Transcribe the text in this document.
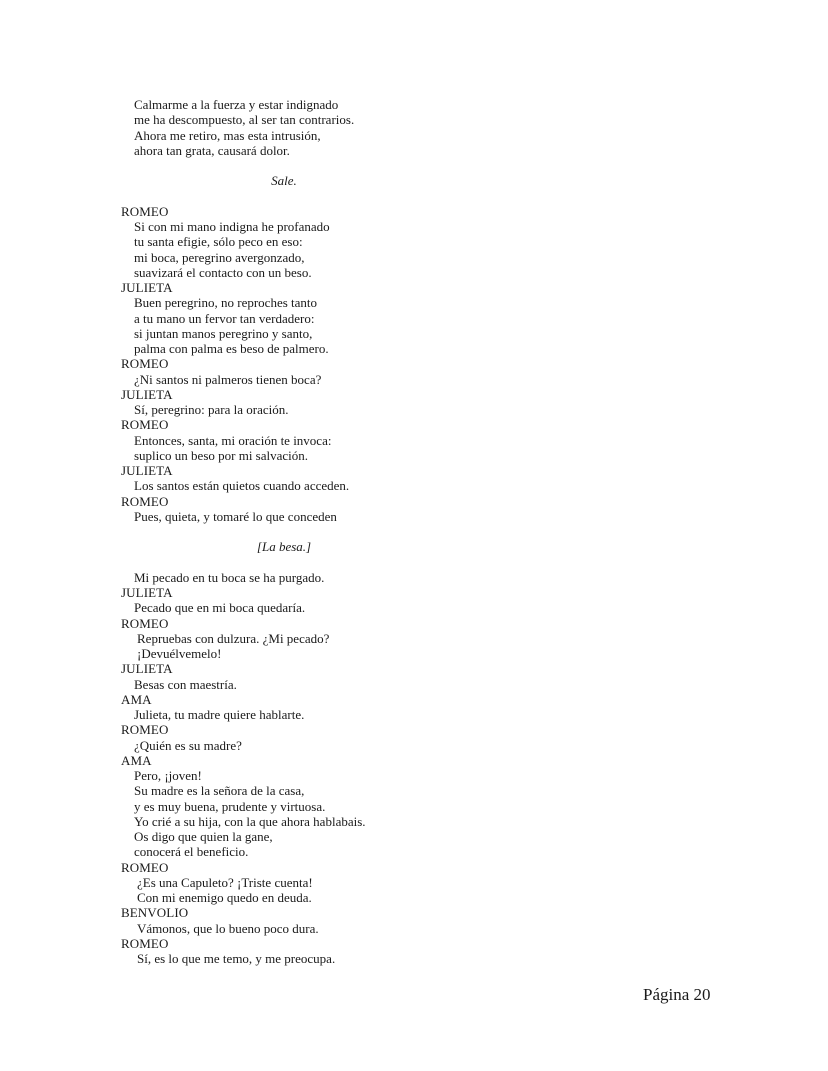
Calmarme a la fuerza y estar indignado
me ha descompuesto, al ser tan contrarios.
Ahora me retiro, mas esta intrusión,
ahora tan grata, causará dolor.
Sale.
ROMEO
Si con mi mano indigna he profanado
tu santa efigie, sólo peco en eso:
mi boca, peregrino avergonzado,
suavizará el contacto con un beso.
JULIETA
Buen peregrino, no reproches tanto
a tu mano un fervor tan verdadero:
si juntan manos peregrino y santo,
palma con palma es beso de palmero.
ROMEO
¿Ni santos ni palmeros tienen boca?
JULIETA
Sí, peregrino: para la oración.
ROMEO
Entonces, santa, mi oración te invoca:
suplico un beso por mi salvación.
JULIETA
Los santos están quietos cuando acceden.
ROMEO
Pues, quieta, y tomaré lo que conceden
[La besa.]
Mi pecado en tu boca se ha purgado.
JULIETA
Pecado que en mi boca quedaría.
ROMEO
Repruebas con dulzura. ¿Mi pecado?
¡Devuélvemelo!
JULIETA
Besas con maestría.
AMA
Julieta, tu madre quiere hablarte.
ROMEO
¿Quién es su madre?
AMA
Pero, ¡joven!
Su madre es la señora de la casa,
y es muy buena, prudente y virtuosa.
Yo crié a su hija, con la que ahora hablabais.
Os digo que quien la gane,
conocerá el beneficio.
ROMEO
¿Es una Capuleto? ¡Triste cuenta!
Con mi enemigo quedo en deuda.
BENVOLIO
Vámonos, que lo bueno poco dura.
ROMEO
Sí, es lo que me temo, y me preocupa.
Página 20
